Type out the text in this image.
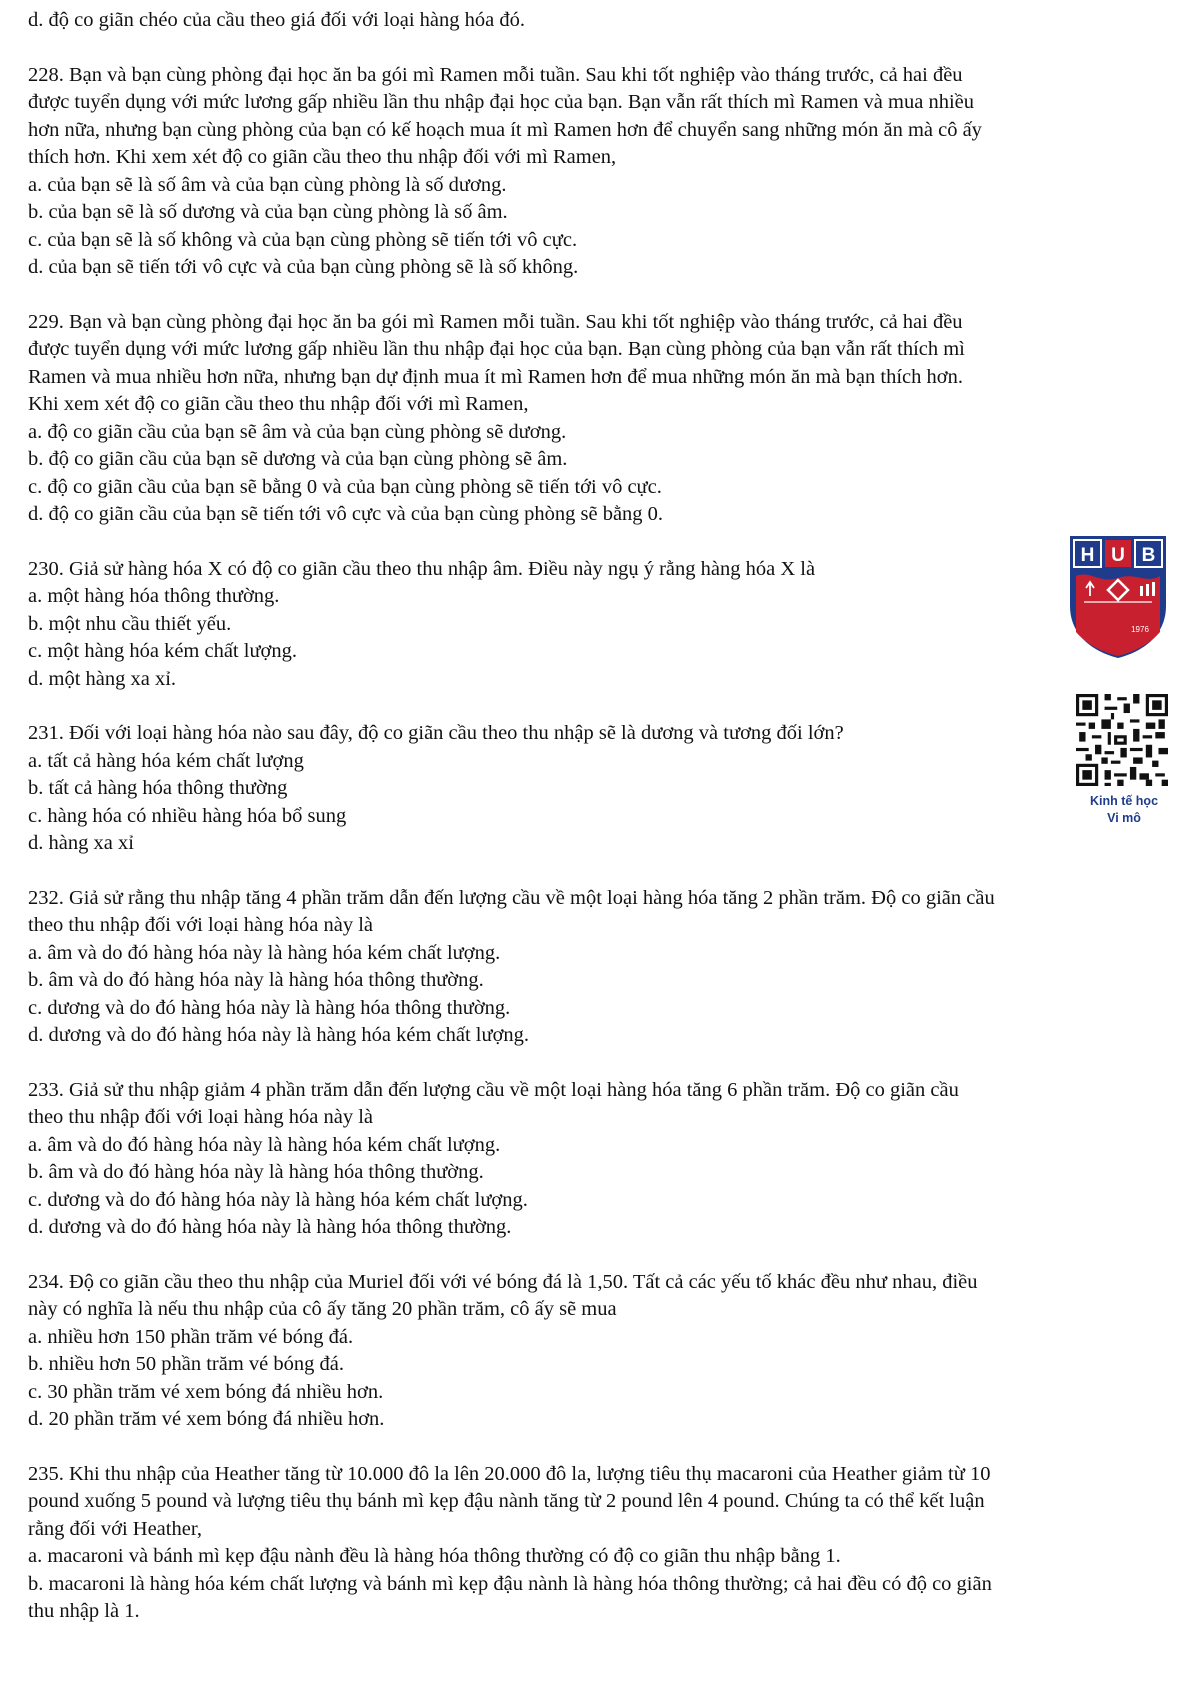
d. độ co giãn chéo của cầu theo giá đối với loại hàng hóa đó.
228. Bạn và bạn cùng phòng đại học ăn ba gói mì Ramen mỗi tuần. Sau khi tốt nghiệp vào tháng trước, cả hai đều
được tuyển dụng với mức lương gấp nhiều lần thu nhập đại học của bạn. Bạn vẫn rất thích mì Ramen và mua nhiều
hơn nữa, nhưng bạn cùng phòng của bạn có kế hoạch mua ít mì Ramen hơn để chuyển sang những món ăn mà cô ấy
thích hơn. Khi xem xét độ co giãn cầu theo thu nhập đối với mì Ramen,
a. của bạn sẽ là số âm và của bạn cùng phòng là số dương.
b. của bạn sẽ là số dương và của bạn cùng phòng là số âm.
c. của bạn sẽ là số không và của bạn cùng phòng sẽ tiến tới vô cực.
d. của bạn sẽ tiến tới vô cực và của bạn cùng phòng sẽ là số không.
229. Bạn và bạn cùng phòng đại học ăn ba gói mì Ramen mỗi tuần. Sau khi tốt nghiệp vào tháng trước, cả hai đều
được tuyển dụng với mức lương gấp nhiều lần thu nhập đại học của bạn. Bạn cùng phòng của bạn vẫn rất thích mì
Ramen và mua nhiều hơn nữa, nhưng bạn dự định mua ít mì Ramen hơn để mua những món ăn mà bạn thích hơn.
Khi xem xét độ co giãn cầu theo thu nhập đối với mì Ramen,
a. độ co giãn cầu của bạn sẽ âm và của bạn cùng phòng sẽ dương.
b. độ co giãn cầu của bạn sẽ dương và của bạn cùng phòng sẽ âm.
c. độ co giãn cầu của bạn sẽ bằng 0 và của bạn cùng phòng sẽ tiến tới vô cực.
d. độ co giãn cầu của bạn sẽ tiến tới vô cực và của bạn cùng phòng sẽ bằng 0.
230. Giả sử hàng hóa X có độ co giãn cầu theo thu nhập âm. Điều này ngụ ý rằng hàng hóa X là
a. một hàng hóa thông thường.
b. một nhu cầu thiết yếu.
c. một hàng hóa kém chất lượng.
d. một hàng xa xỉ.
231. Đối với loại hàng hóa nào sau đây, độ co giãn cầu theo thu nhập sẽ là dương và tương đối lớn?
a. tất cả hàng hóa kém chất lượng
b. tất cả hàng hóa thông thường
c. hàng hóa có nhiều hàng hóa bổ sung
d. hàng xa xỉ
232. Giả sử rằng thu nhập tăng 4 phần trăm dẫn đến lượng cầu về một loại hàng hóa tăng 2 phần trăm. Độ co giãn cầu
theo thu nhập đối với loại hàng hóa này là
a. âm và do đó hàng hóa này là hàng hóa kém chất lượng.
b. âm và do đó hàng hóa này là hàng hóa thông thường.
c. dương và do đó hàng hóa này là hàng hóa thông thường.
d. dương và do đó hàng hóa này là hàng hóa kém chất lượng.
233. Giả sử thu nhập giảm 4 phần trăm dẫn đến lượng cầu về một loại hàng hóa tăng 6 phần trăm. Độ co giãn cầu
theo thu nhập đối với loại hàng hóa này là
a. âm và do đó hàng hóa này là hàng hóa kém chất lượng.
b. âm và do đó hàng hóa này là hàng hóa thông thường.
c. dương và do đó hàng hóa này là hàng hóa kém chất lượng.
d. dương và do đó hàng hóa này là hàng hóa thông thường.
234. Độ co giãn cầu theo thu nhập của Muriel đối với vé bóng đá là 1,50. Tất cả các yếu tố khác đều như nhau, điều
này có nghĩa là nếu thu nhập của cô ấy tăng 20 phần trăm, cô ấy sẽ mua
a. nhiều hơn 150 phần trăm vé bóng đá.
b. nhiều hơn 50 phần trăm vé bóng đá.
c. 30 phần trăm vé xem bóng đá nhiều hơn.
d. 20 phần trăm vé xem bóng đá nhiều hơn.
235. Khi thu nhập của Heather tăng từ 10.000 đô la lên 20.000 đô la, lượng tiêu thụ macaroni của Heather giảm từ 10
pound xuống 5 pound và lượng tiêu thụ bánh mì kẹp đậu nành tăng từ 2 pound lên 4 pound. Chúng ta có thể kết luận
rằng đối với Heather,
a. macaroni và bánh mì kẹp đậu nành đều là hàng hóa thông thường có độ co giãn thu nhập bằng 1.
b. macaroni là hàng hóa kém chất lượng và bánh mì kẹp đậu nành là hàng hóa thông thường; cả hai đều có độ co giãn
thu nhập là 1.
H U B
1976
Kinh tế học
Vi mô
